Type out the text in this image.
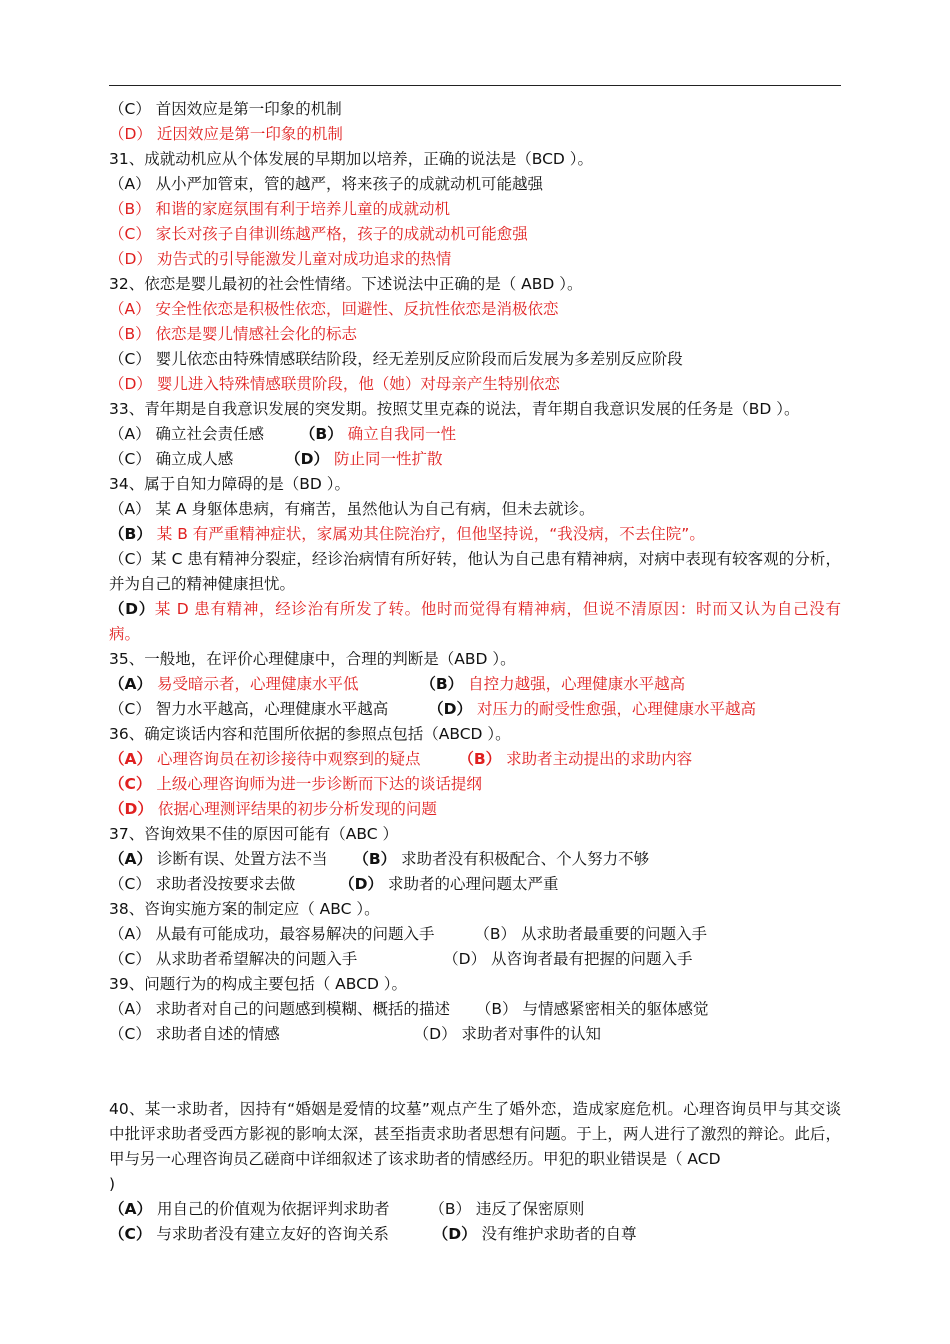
（C） 首因效应是第一印象的机制
（D） 近因效应是第一印象的机制
31、成就动机应从个体发展的早期加以培养，正确的说法是（BCD ）。
（A） 从小严加管束，管的越严，将来孩子的成就动机可能越强
（B） 和谐的家庭氛围有利于培养儿童的成就动机
（C） 家长对孩子自律训练越严格，孩子的成就动机可能愈强
（D） 劝告式的引导能激发儿童对成功追求的热情
32、依恋是婴儿最初的社会性情绪。下述说法中正确的是（ ABD ）。
（A） 安全性依恋是积极性依恋，回避性、反抗性依恋是消极依恋
（B） 依恋是婴儿情感社会化的标志
（C） 婴儿依恋由特殊情感联结阶段，经无差别反应阶段而后发展为多差别反应阶段
（D） 婴儿进入特殊情感联贯阶段，他（她）对母亲产生特别依恋
33、青年期是自我意识发展的突发期。按照艾里克森的说法，青年期自我意识发展的任务是（BD ）。
（A） 确立社会责任感 （B） 确立自我同一性
（C） 确立成人感	（D） 防止同一性扩散
34、属于自知力障碍的是（BD ）。
（A） 某 A 身躯体患病，有痛苦，虽然他认为自己有病，但未去就诊。
（B） 某 B 有严重精神症状，家属劝其住院治疗，但他坚持说，“我没病，不去住院”。
（C）某 C 患有精神分裂症，经诊治病情有所好转，他认为自己患有精神病，对病中表现有较客观的分析，并为自己的精神健康担忧。
（D）某 D 患有精神，经诊治有所发了转。他时而觉得有精神病，但说不清原因：时而又认为自己没有病。
35、一般地，在评价心理健康中，合理的判断是（ABD ）。
（A） 易受暗示者，心理健康水平低	（B） 自控力越强，心理健康水平越高
（C） 智力水平越高，心理健康水平越高	（D） 对压力的耐受性愈强，心理健康水平越高
36、确定谈话内容和范围所依据的参照点包括（ABCD ）。
（A） 心理咨询员在初诊接待中观察到的疑点 （B） 求助者主动提出的求助内容
（C） 上级心理咨询师为进一步诊断而下达的谈话提纲
（D） 依据心理测评结果的初步分析发现的问题
37、咨询效果不佳的原因可能有（ABC ）
（A） 诊断有误、处置方法不当 （B） 求助者没有积极配合、个人努力不够
（C） 求助者没按要求去做	（D） 求助者的心理问题太严重
38、咨询实施方案的制定应（ ABC ）。
（A） 从最有可能成功，最容易解决的问题入手	（B） 从求助者最重要的问题入手
（C） 从求助者希望解决的问题入手	（D） 从咨询者最有把握的问题入手
39、问题行为的构成主要包括（ ABCD ）。
（A） 求助者对自己的问题感到模糊、概括的描述 （B） 与情感紧密相关的躯体感觉
（C） 求助者自述的情感	（D） 求助者对事件的认知
40、某一求助者，因持有“婚姻是爱情的坟墓”观点产生了婚外恋，造成家庭危机。心理咨询员甲与其交谈中批评求助者受西方影视的影响太深，甚至指责求助者思想有问题。于上，两人进行了激烈的辩论。此后，甲与另一心理咨询员乙磋商中详细叙述了该求助者的情感经历。甲犯的职业错误是（ ACD
)
（A） 用自己的价值观为依据评判求助者	（B） 违反了保密原则
（C） 与求助者没有建立友好的咨询关系	（D） 没有维护求助者的自尊
